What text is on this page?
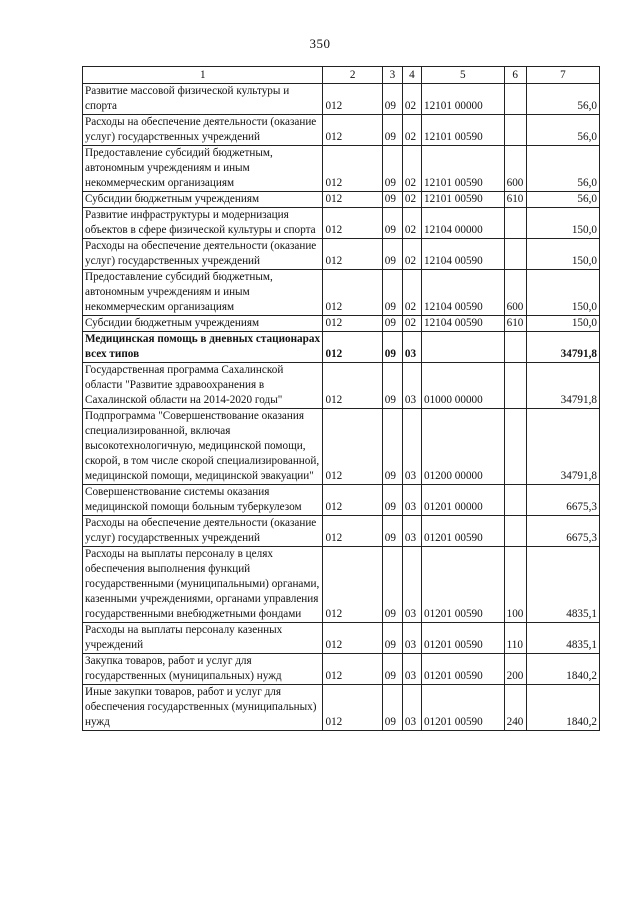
350
1	2	3	4	5	6	7
Развитие массовой физической культуры и спорта	012	09	02	12101 00000		56,0
Расходы на обеспечение деятельности (оказание услуг) государственных учреждений	012	09	02	12101 00590		56,0
Предоставление субсидий бюджетным, автономным учреждениям и иным некоммерческим организациям	012	09	02	12101 00590	600	56,0
Субсидии бюджетным учреждениям	012	09	02	12101 00590	610	56,0
Развитие инфраструктуры и модернизация объектов в сфере физической культуры и спорта	012	09	02	12104 00000		150,0
Расходы на обеспечение деятельности (оказание услуг) государственных учреждений	012	09	02	12104 00590		150,0
Предоставление субсидий бюджетным, автономным учреждениям и иным некоммерческим организациям	012	09	02	12104 00590	600	150,0
Субсидии бюджетным учреждениям	012	09	02	12104 00590	610	150,0
Медицинская помощь в дневных стационарах всех типов	012	09	03			34791,8
Государственная программа Сахалинской области "Развитие здравоохранения в Сахалинской области на 2014-2020 годы"	012	09	03	01000 00000		34791,8
Подпрограмма "Совершенствование оказания специализированной, включая высокотехнологичную, медицинской помощи, скорой, в том числе скорой специализированной, медицинской помощи, медицинской эвакуации"	012	09	03	01200 00000		34791,8
Совершенствование системы оказания медицинской помощи больным туберкулезом	012	09	03	01201 00000		6675,3
Расходы на обеспечение деятельности (оказание услуг) государственных учреждений	012	09	03	01201 00590		6675,3
Расходы на выплаты персоналу в целях обеспечения выполнения функций государственными (муниципальными) органами, казенными учреждениями, органами управления государственными внебюджетными фондами	012	09	03	01201 00590	100	4835,1
Расходы на выплаты персоналу казенных учреждений	012	09	03	01201 00590	110	4835,1
Закупка товаров, работ и услуг для государственных (муниципальных) нужд	012	09	03	01201 00590	200	1840,2
Иные закупки товаров, работ и услуг для обеспечения государственных (муниципальных) нужд	012	09	03	01201 00590	240	1840,2
